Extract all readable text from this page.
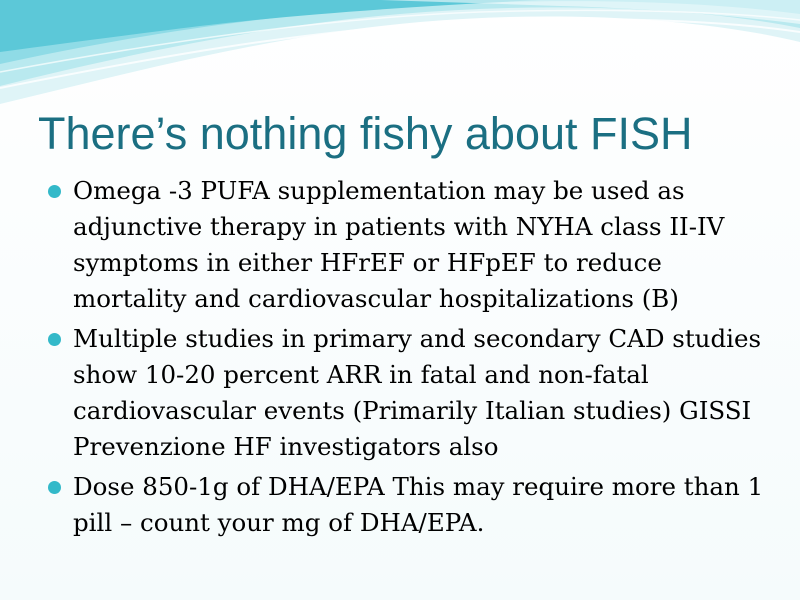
There’s nothing fishy about FISH
Omega -3 PUFA supplementation may be used as adjunctive therapy in patients with NYHA class II-IV symptoms in either HFrEF or HFpEF to reduce mortality and cardiovascular hospitalizations (B)
Multiple studies in primary and secondary CAD studies show 10-20 percent ARR in fatal and non-fatal cardiovascular events (Primarily Italian studies) GISSI Prevenzione HF investigators also
Dose 850-1g of DHA/EPA This may require more than 1 pill – count your mg of DHA/EPA.
